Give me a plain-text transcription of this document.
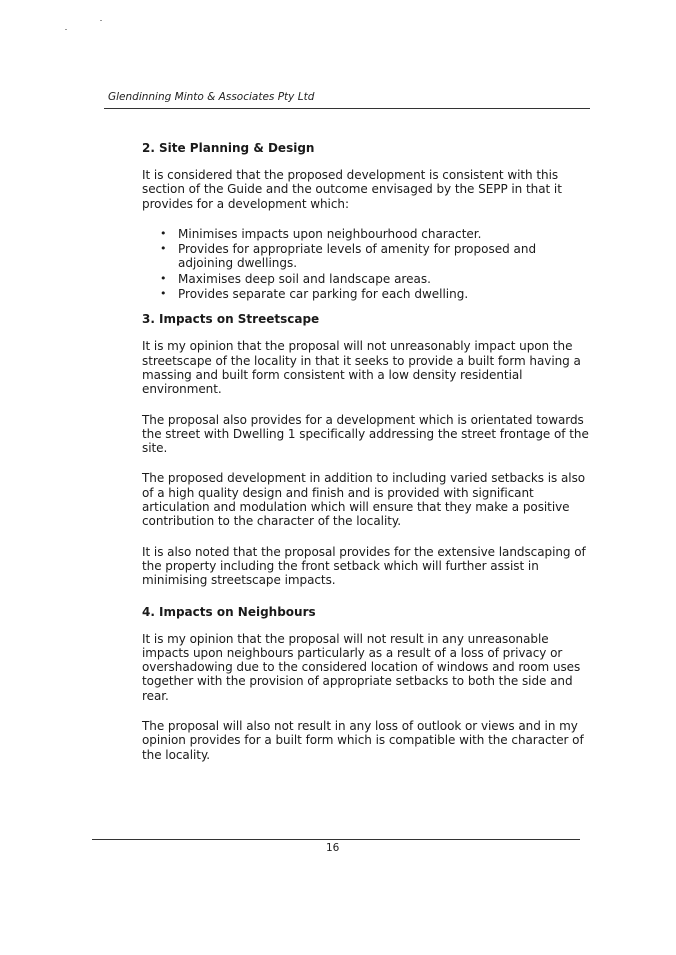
Glendinning Minto & Associates Pty Ltd
2. Site Planning & Design

It is considered that the proposed development is consistent with this section of the Guide and the outcome envisaged by the SEPP in that it provides for a development which:

• Minimises impacts upon neighbourhood character.
• Provides for appropriate levels of amenity for proposed and adjoining dwellings.
• Maximises deep soil and landscape areas.
• Provides separate car parking for each dwelling.
3. Impacts on Streetscape

It is my opinion that the proposal will not unreasonably impact upon the streetscape of the locality in that it seeks to provide a built form having a massing and built form consistent with a low density residential environment.

The proposal also provides for a development which is orientated towards the street with Dwelling 1 specifically addressing the street frontage of the site.

The proposed development in addition to including varied setbacks is also of a high quality design and finish and is provided with significant articulation and modulation which will ensure that they make a positive contribution to the character of the locality.

It is also noted that the proposal provides for the extensive landscaping of the property including the front setback which will further assist in minimising streetscape impacts.

4. Impacts on Neighbours

It is my opinion that the proposal will not result in any unreasonable impacts upon neighbours particularly as a result of a loss of privacy or overshadowing due to the considered location of windows and room uses together with the provision of appropriate setbacks to both the side and rear.

The proposal will also not result in any loss of outlook or views and in my opinion provides for a built form which is compatible with the character of the locality.

16
